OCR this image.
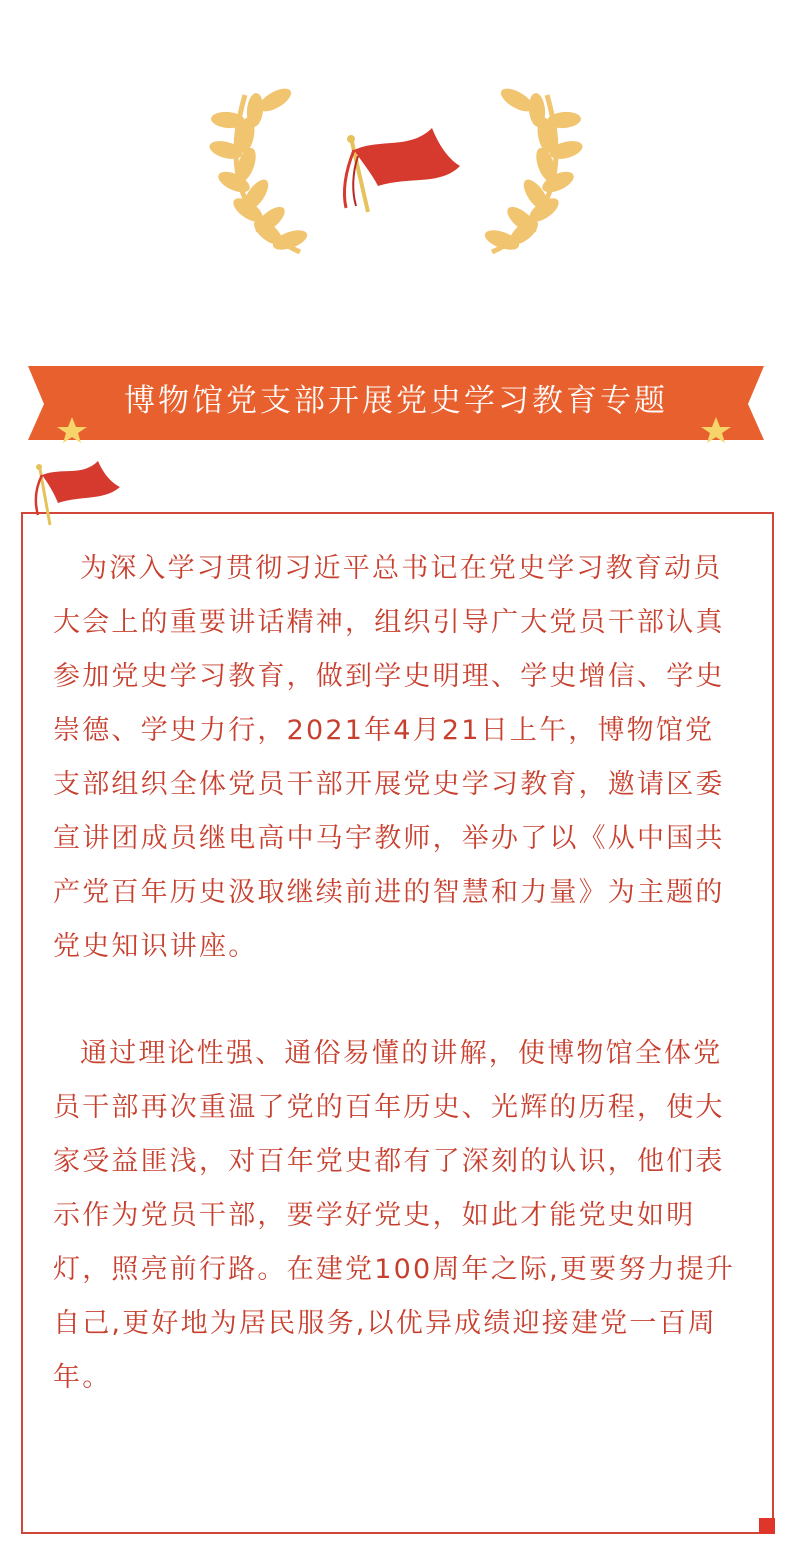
博物馆党支部开展党史学习教育专题讲座

为深入学习贯彻习近平总书记在党史学习教育动员大会上的重要讲话精神，组织引导广大党员干部认真参加党史学习教育，做到学史明理、学史增信、学史崇德、学史力行，2021年4月21日上午，博物馆党支部组织全体党员干部开展党史学习教育，邀请区委宣讲团成员继电高中马宇教师，举办了以《从中国共产党百年历史汲取继续前进的智慧和力量》为主题的党史知识讲座。

通过理论性强、通俗易懂的讲解，使博物馆全体党员干部再次重温了党的百年历史、光辉的历程，使大家受益匪浅，对百年党史都有了深刻的认识，他们表示作为党员干部，要学好党史，如此才能党史如明灯，照亮前行路。在建党100周年之际,更要努力提升自己,更好地为居民服务,以优异成绩迎接建党一百周年。
